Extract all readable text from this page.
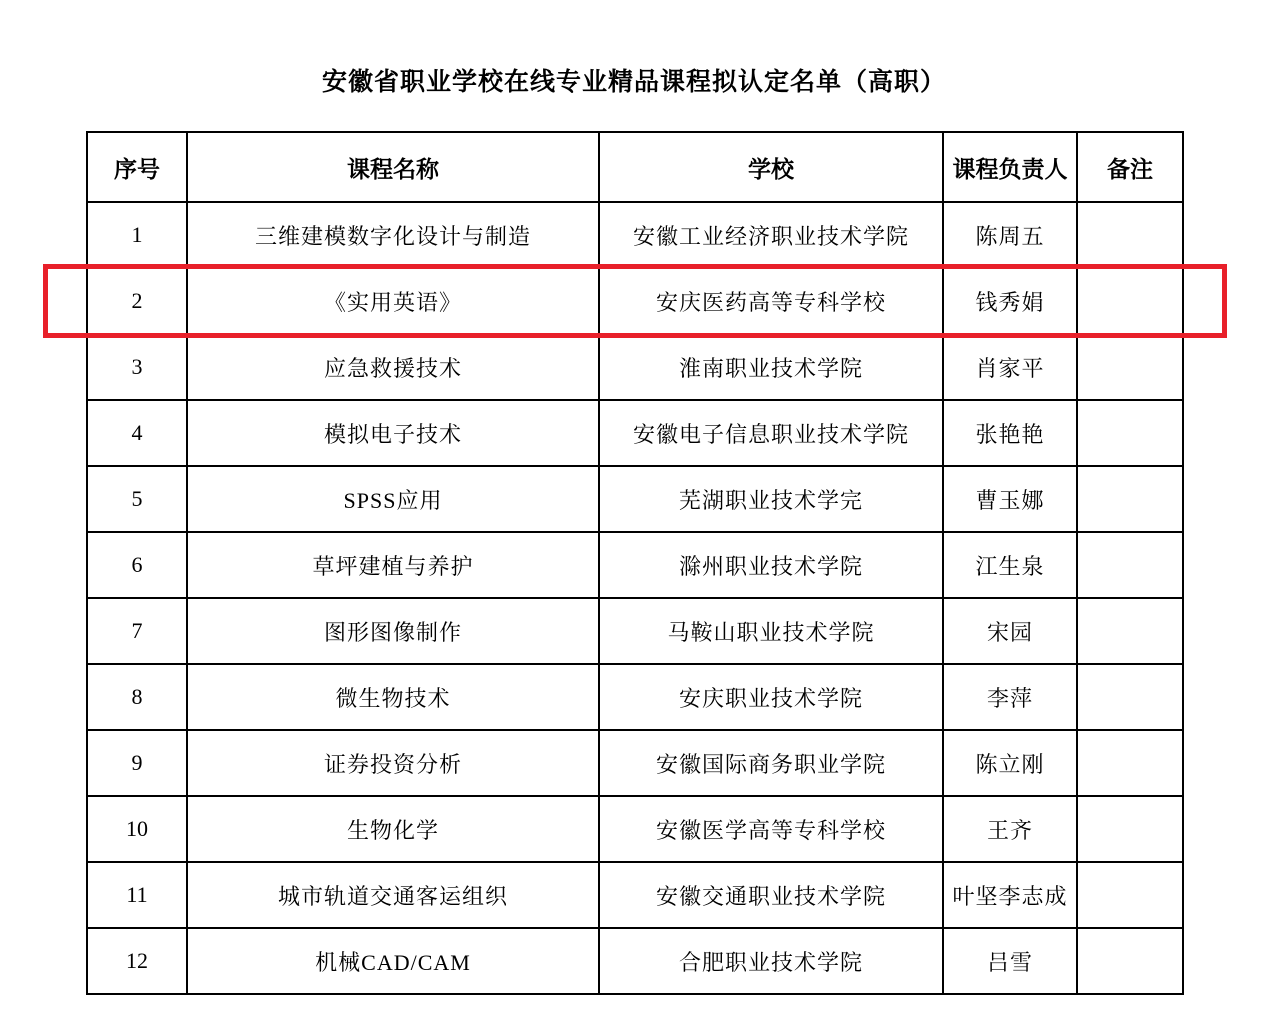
安徽省职业学校在线专业精品课程拟认定名单（高职）
序号	课程名称	学校	课程负责人	备注
1	三维建模数字化设计与制造	安徽工业经济职业技术学院	陈周五	
2	《实用英语》	安庆医药高等专科学校	钱秀娟	
3	应急救援技术	淮南职业技术学院	肖家平	
4	模拟电子技术	安徽电子信息职业技术学院	张艳艳	
5	SPSS应用	芜湖职业技术学完	曹玉娜	
6	草坪建植与养护	滁州职业技术学院	江生泉	
7	图形图像制作	马鞍山职业技术学院	宋园	
8	微生物技术	安庆职业技术学院	李萍	
9	证券投资分析	安徽国际商务职业学院	陈立刚	
10	生物化学	安徽医学高等专科学校	王齐	
11	城市轨道交通客运组织	安徽交通职业技术学院	叶坚李志成	
12	机械CAD/CAM	合肥职业技术学院	吕雪	
